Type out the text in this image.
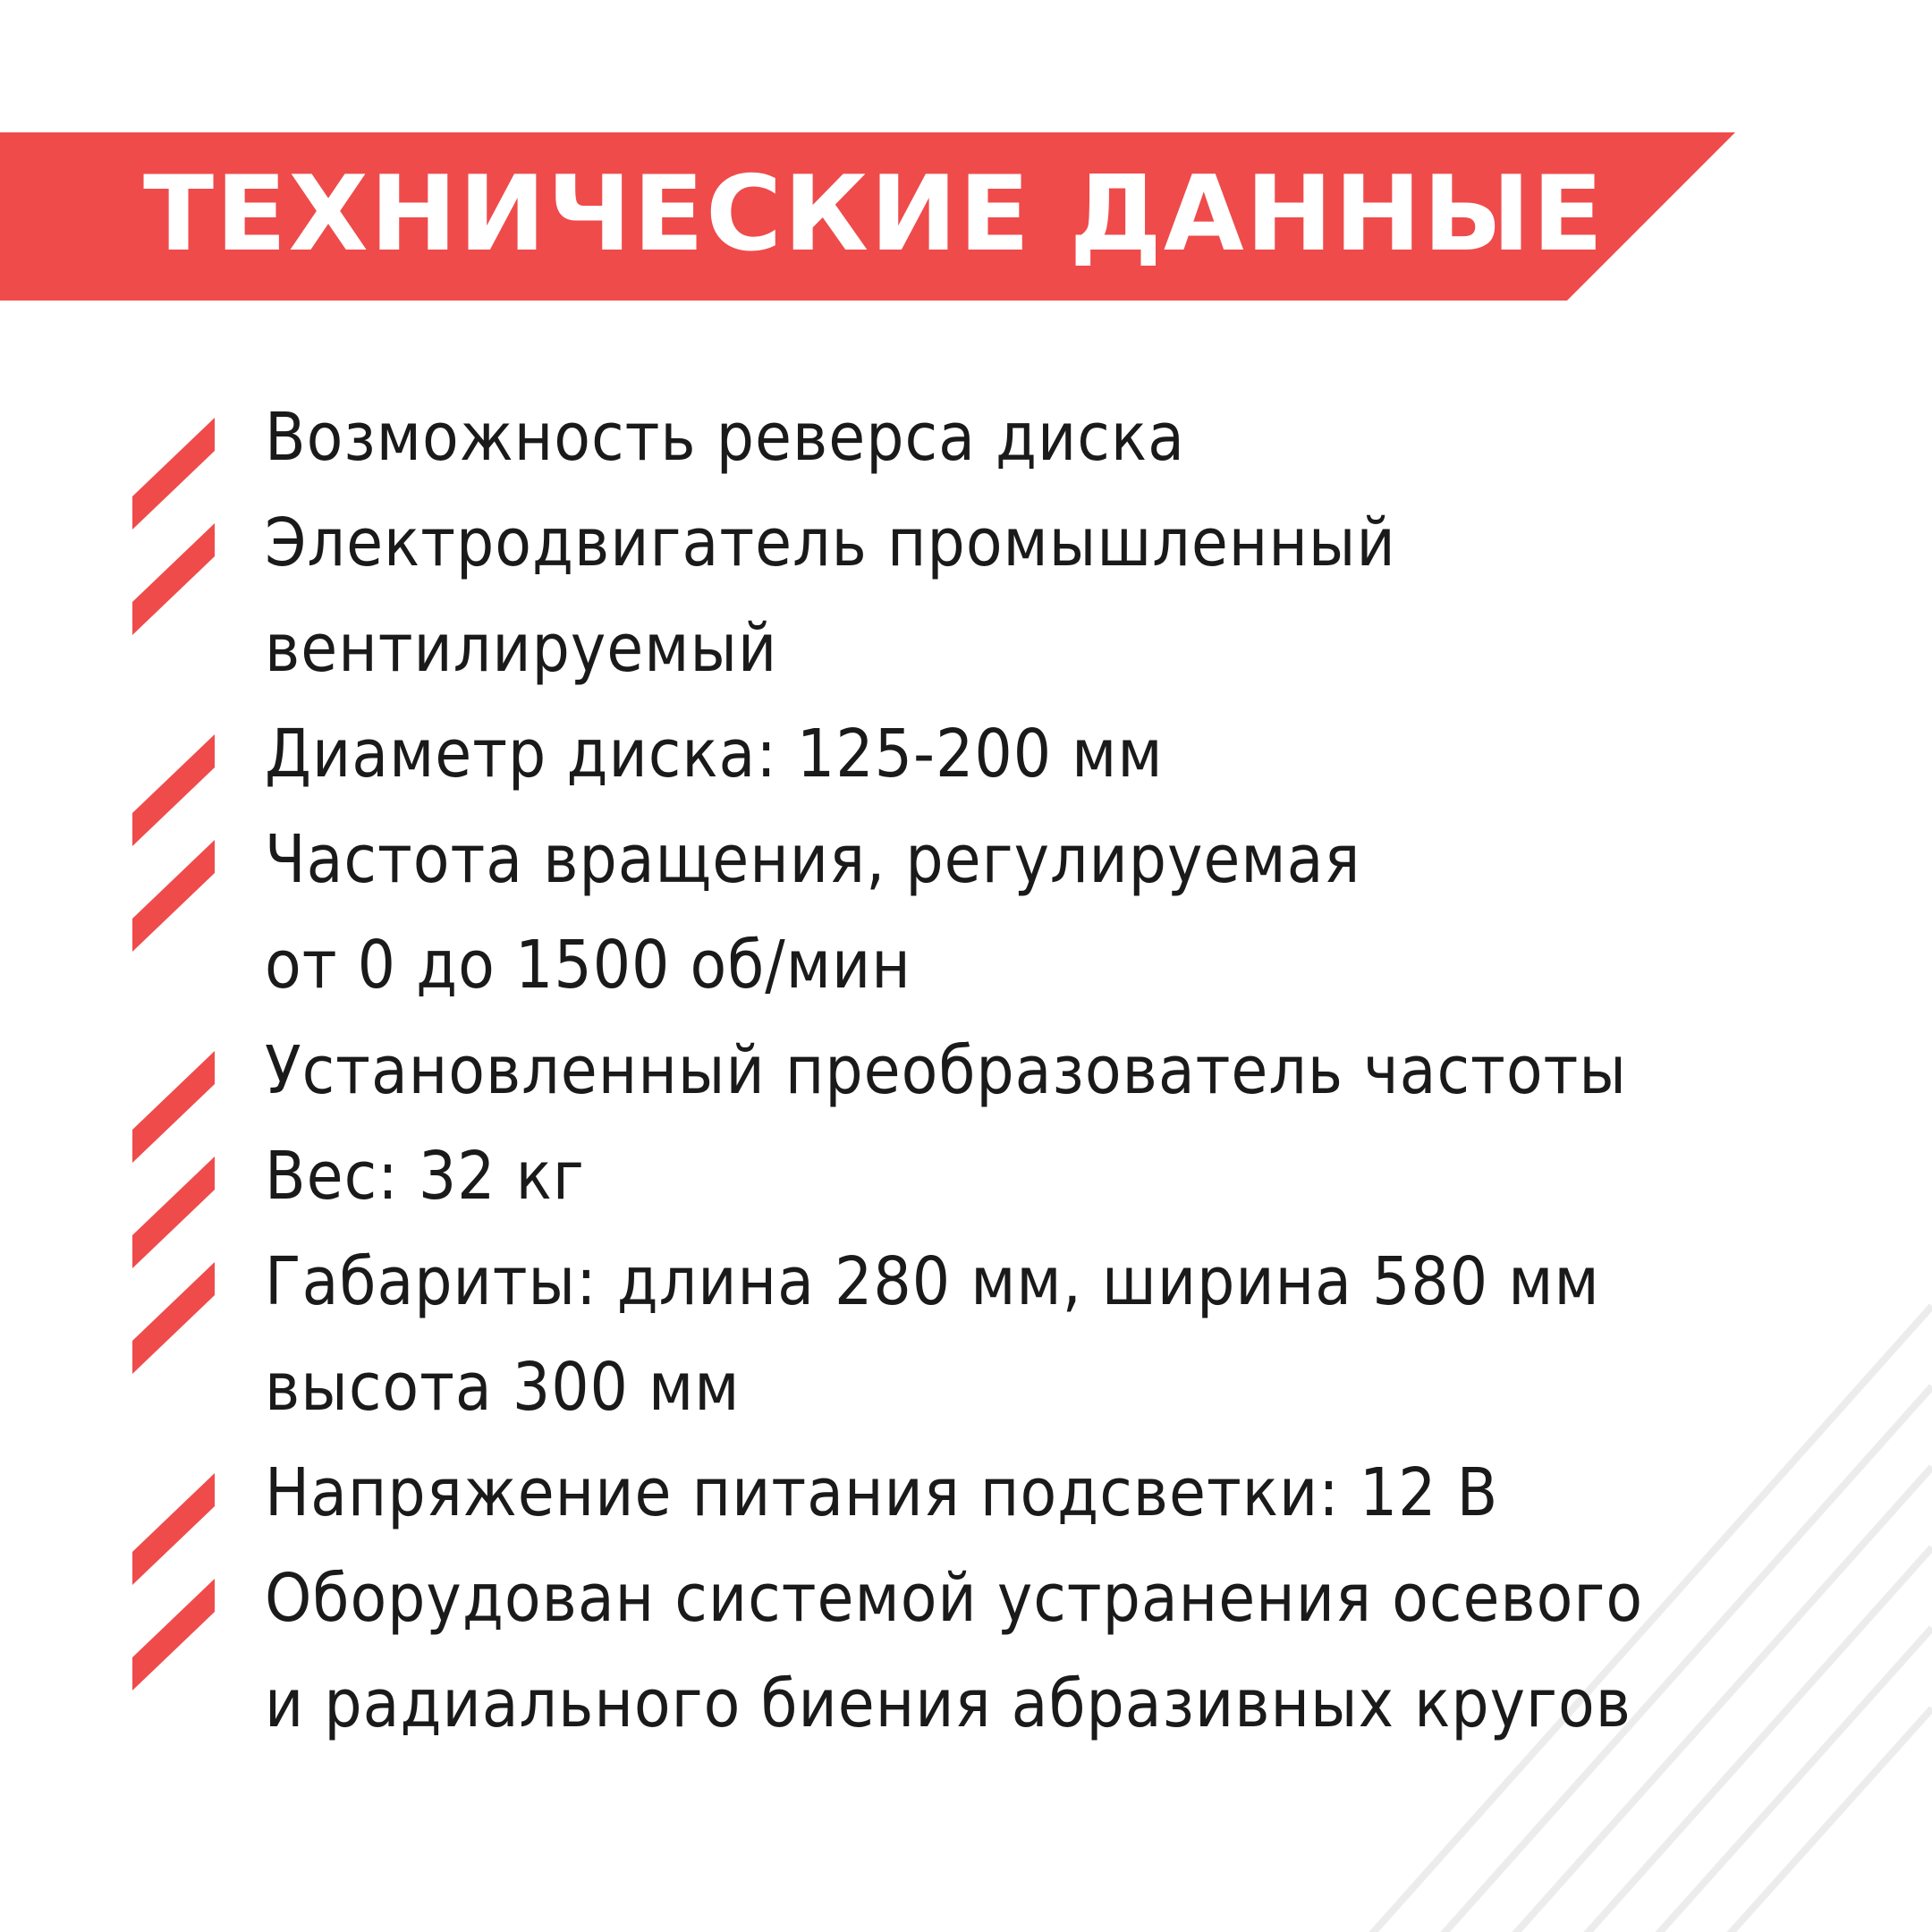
ТЕХНИЧЕСКИЕ ДАННЫЕ
Возможность реверса диска
Электродвигатель промышленный
вентилируемый
Диаметр диска: 125-200 мм
Частота вращения, регулируемая
от 0 до 1500 об/мин
Установленный преобразователь частоты
Вес: 32 кг
Габариты: длина 280 мм, ширина 580 мм
высота 300 мм
Напряжение питания подсветки: 12 В
Оборудован системой устранения осевого
и радиального биения абразивных кругов
